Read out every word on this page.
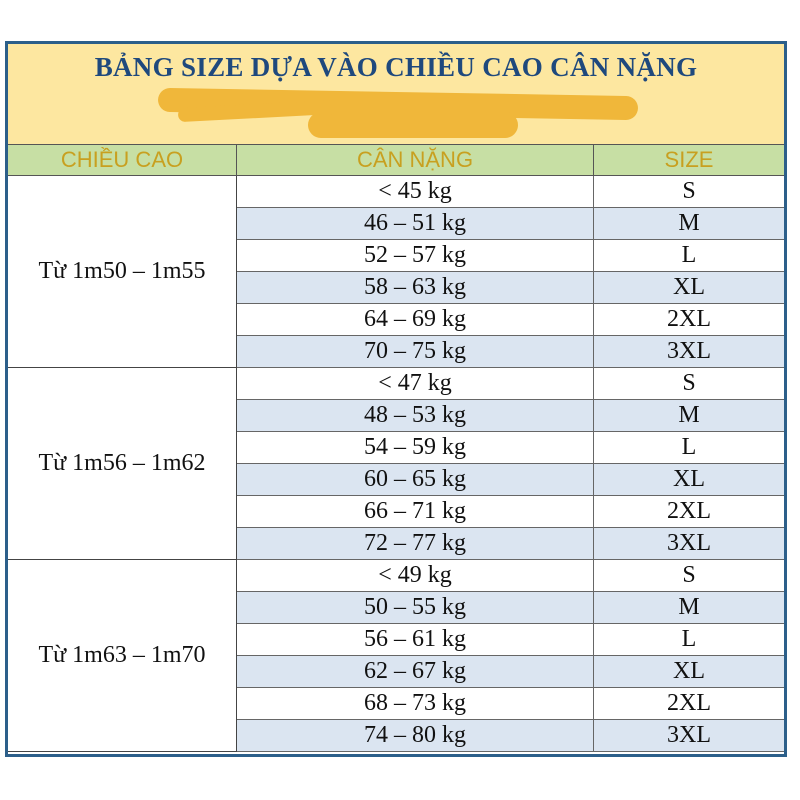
BẢNG SIZE DỰA VÀO CHIỀU CAO CÂN NẶNG
CHIỀU CAO	CÂN NẶNG	SIZE
Từ 1m50 – 1m55
< 45 kg	S
46 – 51 kg	M
52 – 57 kg	L
58 – 63 kg	XL
64 – 69 kg	2XL
70 – 75 kg	3XL
Từ 1m56 – 1m62
< 47 kg	S
48 – 53 kg	M
54 – 59 kg	L
60 – 65 kg	XL
66 – 71 kg	2XL
72 – 77 kg	3XL
Từ 1m63 – 1m70
< 49 kg	S
50 – 55 kg	M
56 – 61 kg	L
62 – 67 kg	XL
68 – 73 kg	2XL
74 – 80 kg	3XL
